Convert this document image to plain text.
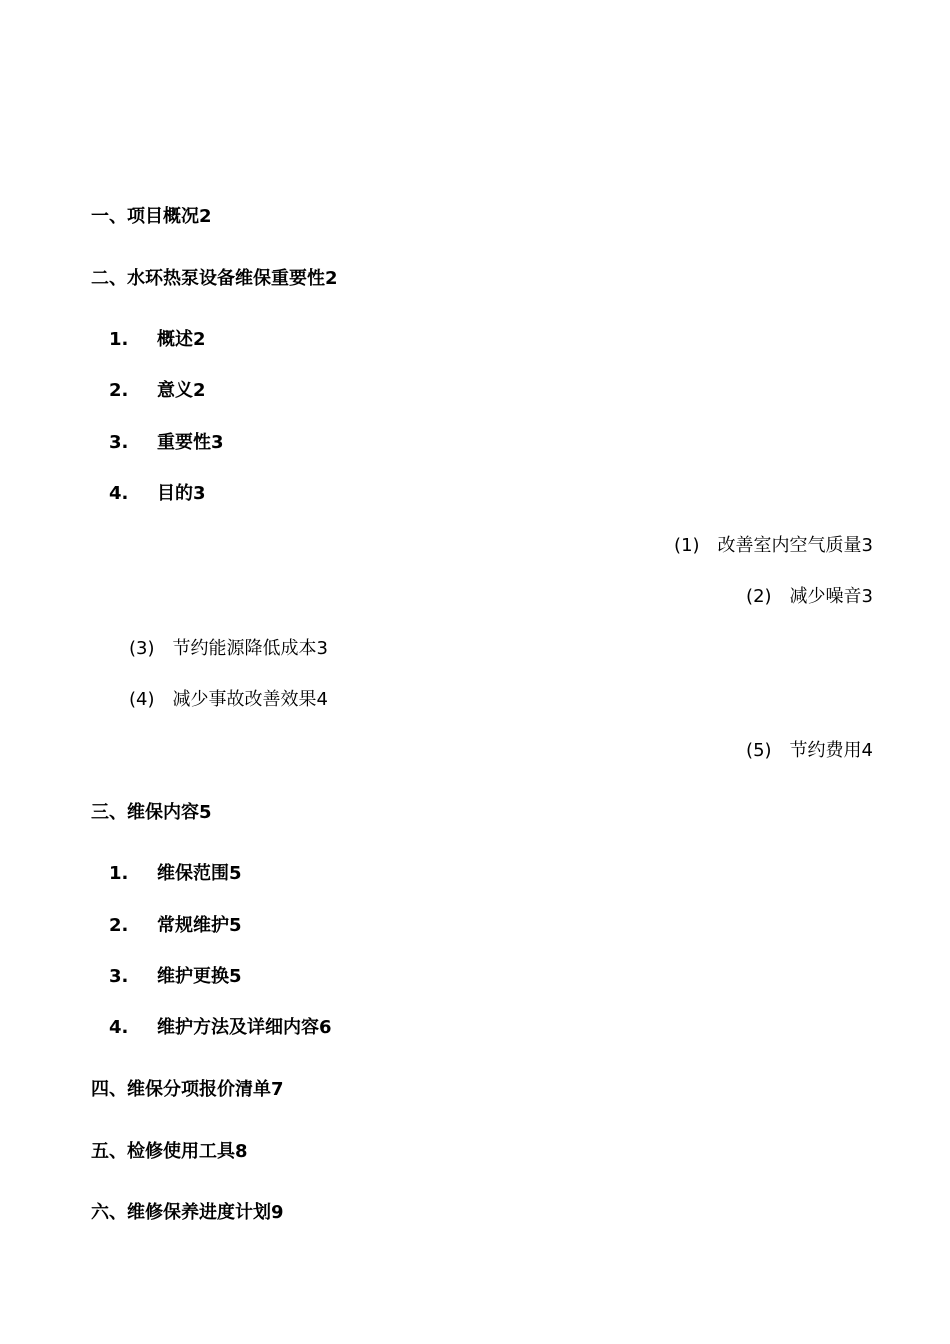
一、项目概况2
二、水环热泵设备维保重要性2
1. 概述2
2. 意义2
3. 重要性3
4. 目的3
(1) 改善室内空气质量3
(2) 减少噪音3
(3) 节约能源降低成本3
(4) 减少事故改善效果4
(5) 节约费用4
三、维保内容5
1. 维保范围5
2. 常规维护5
3. 维护更换5
4. 维护方法及详细内容6
四、维保分项报价清单7
五、检修使用工具8
六、维修保养进度计划9
